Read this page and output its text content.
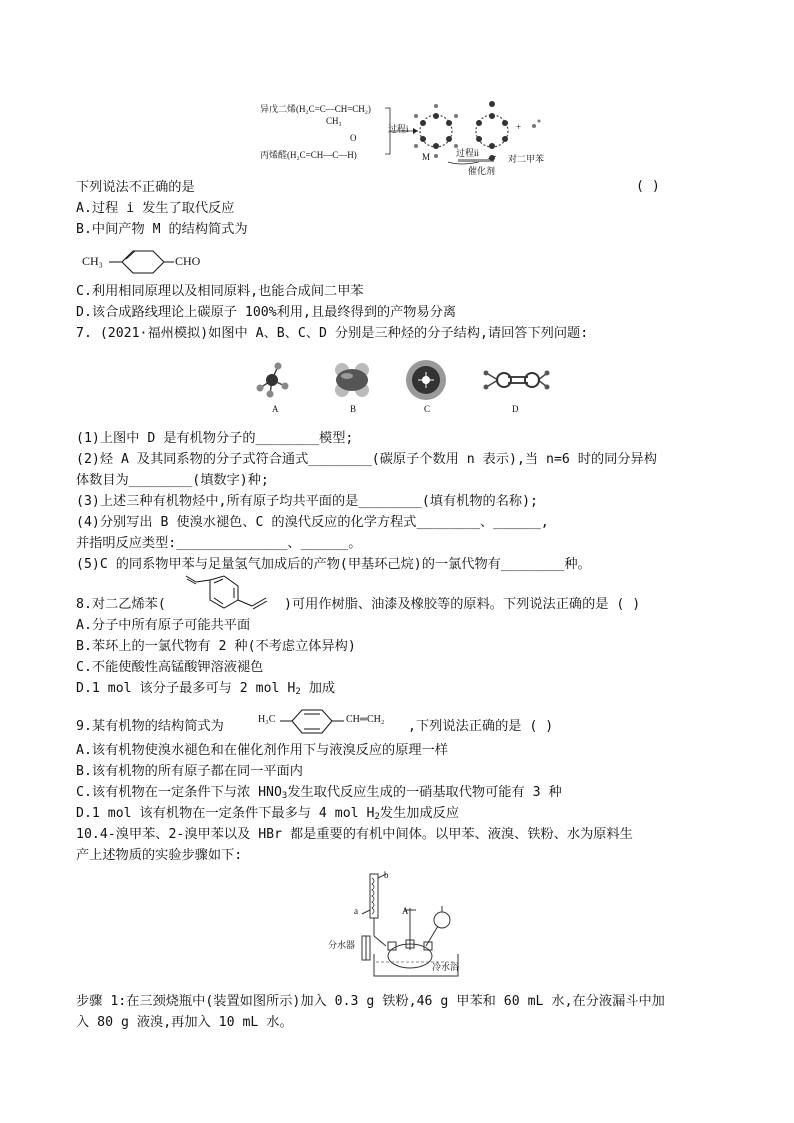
异戊二烯(H₂C=C—CH=CH₂)
CH₃
O
丙烯醛(H₂C=CH—C—H)
过程i
M	过程ii
催化剂
对二甲苯
+
下列说法不正确的是	( )
A.过程 i 发生了取代反应
B.中间产物 M 的结构简式为
CH₃	CHO
C.利用相同原理以及相同原料,也能合成间二甲苯
D.该合成路线理论上碳原子 100%利用,且最终得到的产物易分离
7. (2021·福州模拟)如图中 A、B、C、D 分别是三种烃的分子结构,请回答下列问题:
A	B	C	D
(1)上图中 D 是有机物分子的________模型;
(2)烃 A 及其同系物的分子式符合通式________(碳原子个数用 n 表示),当 n=6 时的同分异构
体数目为________(填数字)种;
(3)上述三种有机物烃中,所有原子均共平面的是________(填有机物的名称);
(4)分别写出 B 使溴水褪色、C 的溴代反应的化学方程式________、______,
并指明反应类型:______________、______。
(5)C 的同系物甲苯与足量氢气加成后的产物(甲基环己烷)的一氯代物有________种。
8.对二乙烯苯(	)可用作树脂、油漆及橡胶等的原料。下列说法正确的是 ( )
A.分子中所有原子可能共平面
B.苯环上的一氯代物有 2 种(不考虑立体异构)
C.不能使酸性高锰酸钾溶液褪色
D.1 mol 该分子最多可与 2 mol $H_2$ 加成
9.某有机物的结构简式为	H₃C	CH═CH₂ ,下列说法正确的是 ( )
A.该有机物使溴水褪色和在催化剂作用下与液溴反应的原理一样
B.该有机物的所有原子都在同一平面内
C.该有机物在一定条件下与浓 $HNO_3$发生取代反应生成的一硝基取代物可能有 3 种
D.1 mol 该有机物在一定条件下最多与 4 mol $H_2$发生加成反应
10.4-溴甲苯、2-溴甲苯以及 HBr 都是重要的有机中间体。以甲苯、液溴、铁粉、水为原料生
产上述物质的实验步骤如下:
b
a	A
分水器
冷水浴
步骤 1:在三颈烧瓶中(装置如图所示)加入 0.3 g 铁粉,46 g 甲苯和 60 mL 水,在分液漏斗中加
入 80 g 液溴,再加入 10 mL 水。
